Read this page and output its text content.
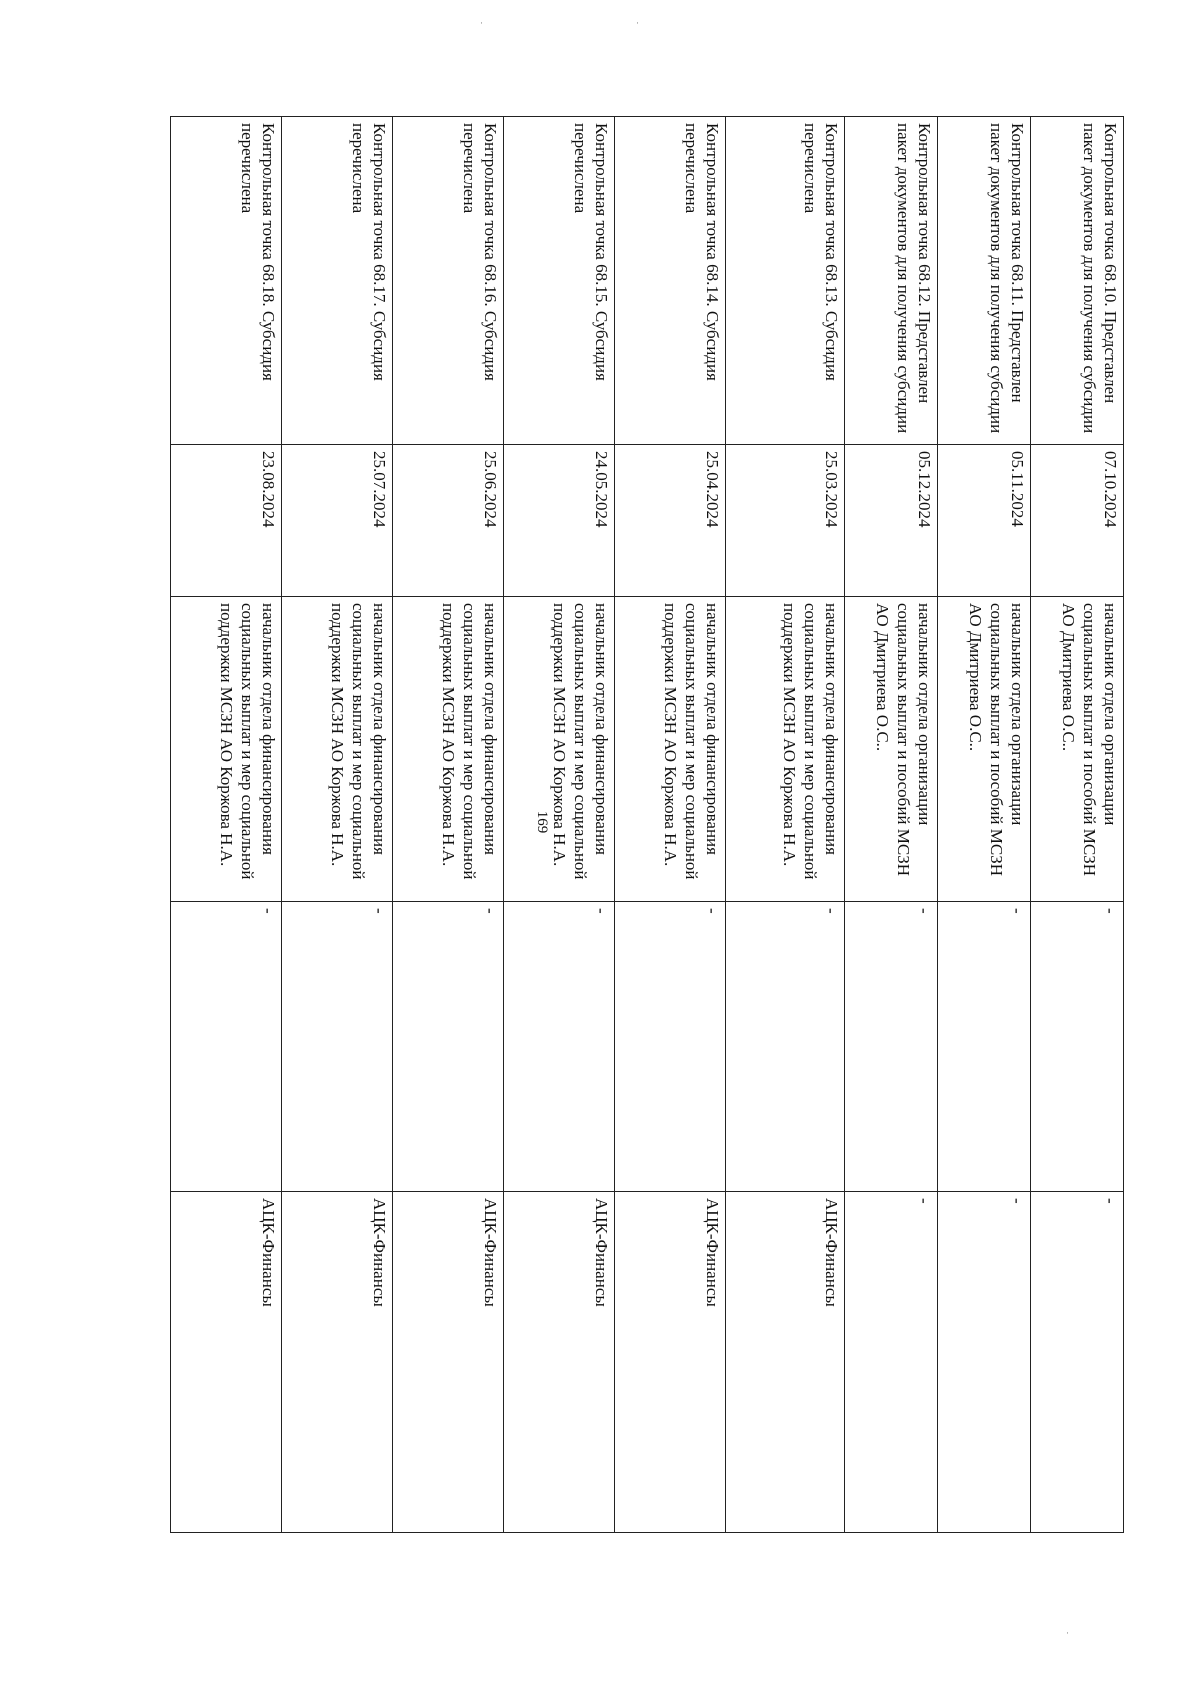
·	·
·
169
Контрольная точка 68.10. Представлен пакет документов для получения субсидии	07.10.2024	начальник отдела организации социальных выплат и пособий МСЗН АО Дмитриева О.С..	-	-
Контрольная точка 68.11. Представлен пакет документов для получения субсидии	05.11.2024	начальник отдела организации социальных выплат и пособий МСЗН АО Дмитриева О.С..	-	-
Контрольная точка 68.12. Представлен пакет документов для получения субсидии	05.12.2024	начальник отдела организации социальных выплат и пособий МСЗН АО Дмитриева О.С..	-	-
Контрольная точка 68.13. Субсидия перечислена	25.03.2024	начальник отдела финансирования социальных выплат и мер социальной поддержки МСЗН АО Коржова Н.А.	-	АЦК-Финансы
Контрольная точка 68.14. Субсидия перечислена	25.04.2024	начальник отдела финансирования социальных выплат и мер социальной поддержки МСЗН АО Коржова Н.А.	-	АЦК-Финансы
Контрольная точка 68.15. Субсидия перечислена	24.05.2024	начальник отдела финансирования социальных выплат и мер социальной поддержки МСЗН АО Коржова Н.А.	-	АЦК-Финансы
Контрольная точка 68.16. Субсидия перечислена	25.06.2024	начальник отдела финансирования социальных выплат и мер социальной поддержки МСЗН АО Коржова Н.А.	-	АЦК-Финансы
Контрольная точка 68.17. Субсидия перечислена	25.07.2024	начальник отдела финансирования социальных выплат и мер социальной поддержки МСЗН АО Коржова Н.А.	-	АЦК-Финансы
Контрольная точка 68.18. Субсидия перечислена	23.08.2024	начальник отдела финансирования социальных выплат и мер социальной поддержки МСЗН АО Коржова Н.А.	-	АЦК-Финансы
